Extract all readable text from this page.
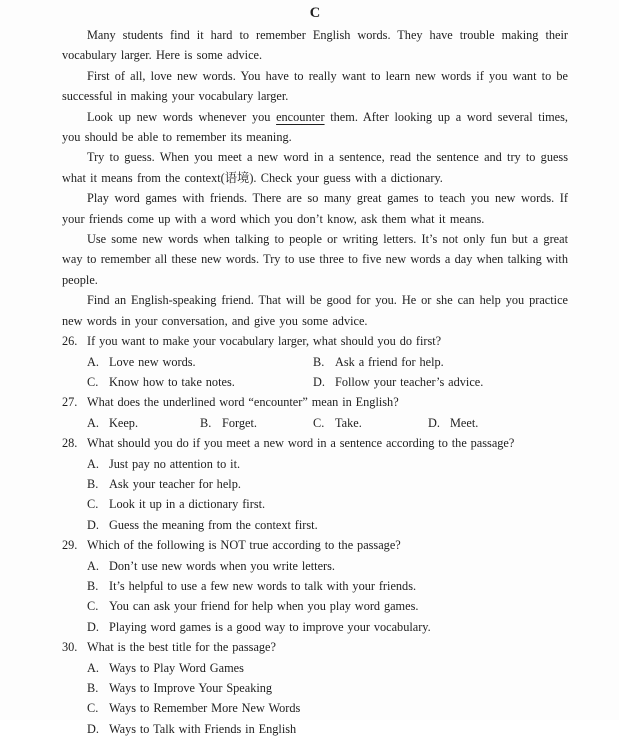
C

Many students find it hard to remember English words. They have trouble making their vocabulary larger. Here is some advice.

First of all, love new words. You have to really want to learn new words if you want to be successful in making your vocabulary larger.

Look up new words whenever you encounter them. After looking up a word several times, you should be able to remember its meaning.

Try to guess. When you meet a new word in a sentence, read the sentence and try to guess what it means from the context(语境). Check your guess with a dictionary.

Play word games with friends. There are so many great games to teach you new words. If your friends come up with a word which you don’t know, ask them what it means.

Use some new words when talking to people or writing letters. It’s not only fun but a great way to remember all these new words. Try to use three to five new words a day when talking with people.

Find an English-speaking friend. That will be good for you. He or she can help you practice new words in your conversation, and give you some advice.

26. If you want to make your vocabulary larger, what should you do first?
A. Love new words.	B. Ask a friend for help.
C. Know how to take notes.	D. Follow your teacher’s advice.
27. What does the underlined word “encounter” mean in English?
A. Keep.	B. Forget.	C. Take.	D. Meet.
28. What should you do if you meet a new word in a sentence according to the passage?
A. Just pay no attention to it.
B. Ask your teacher for help.
C. Look it up in a dictionary first.
D. Guess the meaning from the context first.
29. Which of the following is NOT true according to the passage?
A. Don’t use new words when you write letters.
B. It’s helpful to use a few new words to talk with your friends.
C. You can ask your friend for help when you play word games.
D. Playing word games is a good way to improve your vocabulary.
30. What is the best title for the passage?
A. Ways to Play Word Games
B. Ways to Improve Your Speaking
C. Ways to Remember More New Words
D. Ways to Talk with Friends in English
